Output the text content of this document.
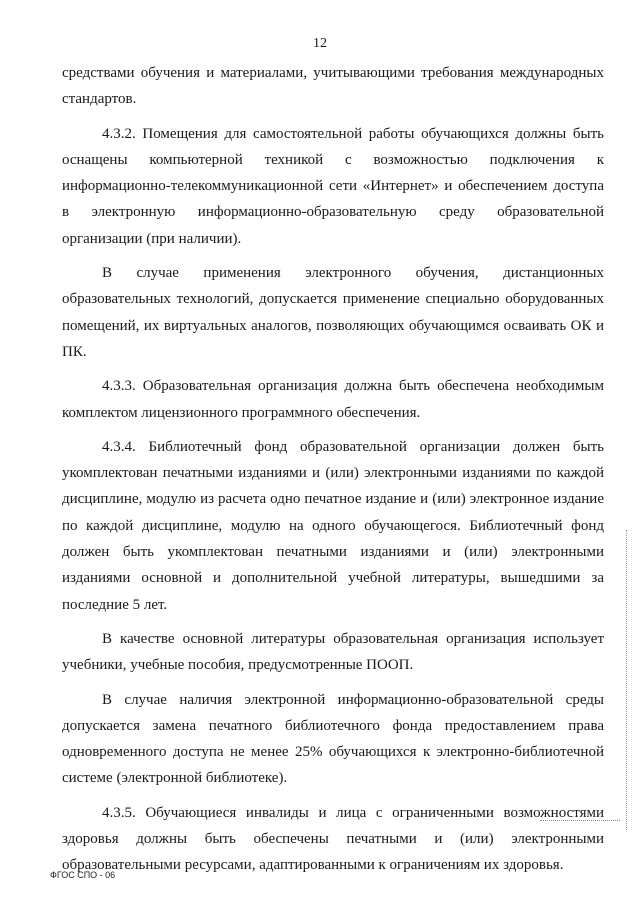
12

средствами обучения и материалами, учитывающими требования международных стандартов.

4.3.2. Помещения для самостоятельной работы обучающихся должны быть оснащены компьютерной техникой с возможностью подключения к информационно-телекоммуникационной сети «Интернет» и обеспечением доступа в электронную информационно-образовательную среду образовательной организации (при наличии).

В случае применения электронного обучения, дистанционных образовательных технологий, допускается применение специально оборудованных помещений, их виртуальных аналогов, позволяющих обучающимся осваивать ОК и ПК.

4.3.3. Образовательная организация должна быть обеспечена необходимым комплектом лицензионного программного обеспечения.

4.3.4. Библиотечный фонд образовательной организации должен быть укомплектован печатными изданиями и (или) электронными изданиями по каждой дисциплине, модулю из расчета одно печатное издание и (или) электронное издание по каждой дисциплине, модулю на одного обучающегося. Библиотечный фонд должен быть укомплектован печатными изданиями и (или) электронными изданиями основной и дополнительной учебной литературы, вышедшими за последние 5 лет.

В качестве основной литературы образовательная организация использует учебники, учебные пособия, предусмотренные ПООП.

В случае наличия электронной информационно-образовательной среды допускается замена печатного библиотечного фонда предоставлением права одновременного доступа не менее 25% обучающихся к электронно-библиотечной системе (электронной библиотеке).

4.3.5. Обучающиеся инвалиды и лица с ограниченными возможностями здоровья должны быть обеспечены печатными и (или) электронными образовательными ресурсами, адаптированными к ограничениям их здоровья.

ФГОС СПО - 06
